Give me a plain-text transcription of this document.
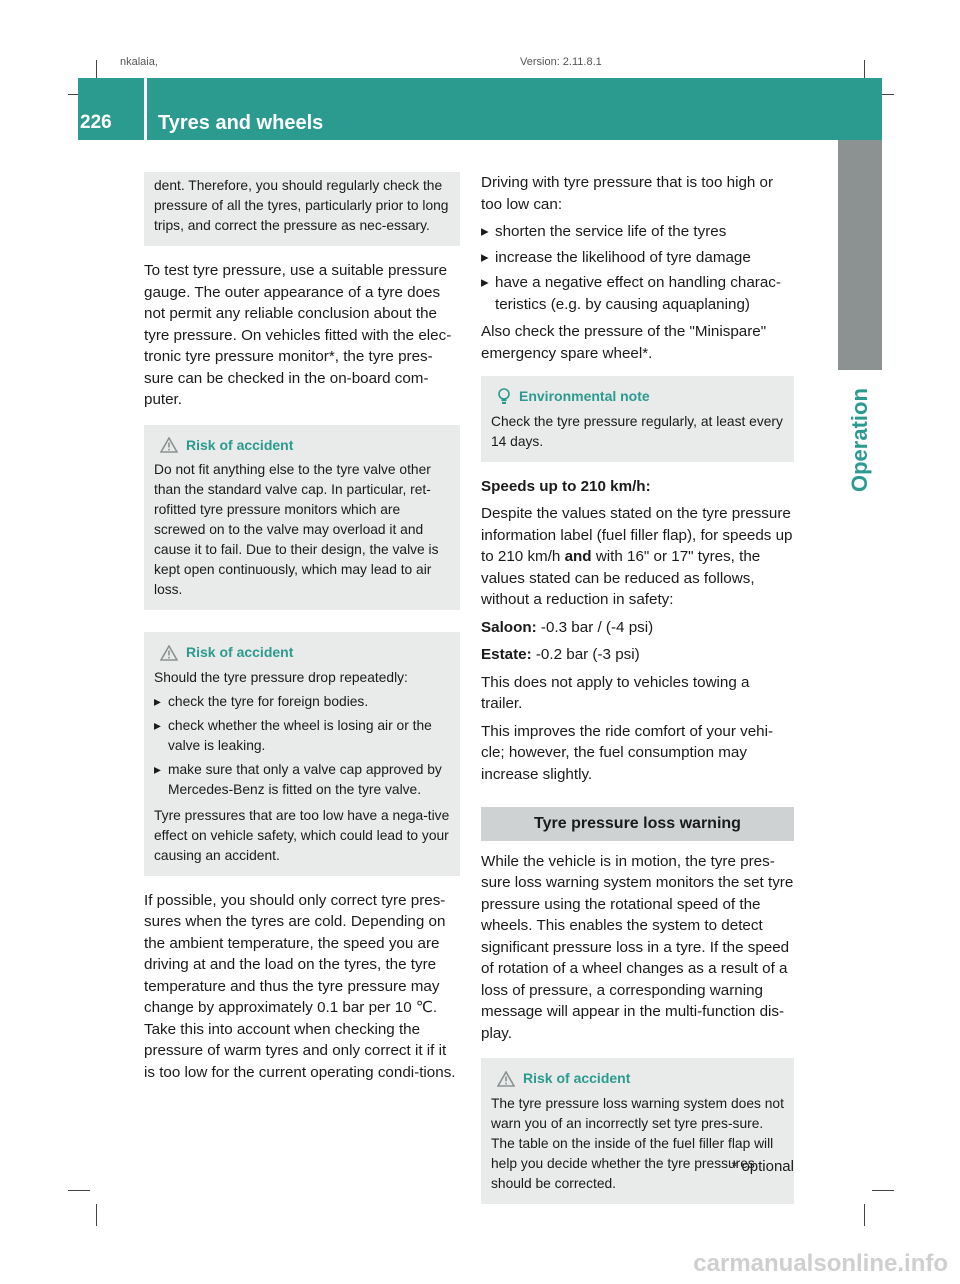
nkalaia,	Version: 2.11.8.1
226	Tyres and wheels
Operation

dent. Therefore, you should regularly check the pressure of all the tyres, particularly prior to long trips, and correct the pressure as nec-essary.

To test tyre pressure, use a suitable pressure gauge. The outer appearance of a tyre does not permit any reliable conclusion about the tyre pressure. On vehicles fitted with the elec-tronic tyre pressure monitor*, the tyre pres-sure can be checked in the on-board com-puter.

Risk of accident

Do not fit anything else to the tyre valve other than the standard valve cap. In particular, ret-rofitted tyre pressure monitors which are screwed on to the valve may overload it and cause it to fail. Due to their design, the valve is kept open continuously, which may lead to air loss.

Risk of accident

Should the tyre pressure drop repeatedly:

▸ check the tyre for foreign bodies.
▸ check whether the wheel is losing air or the valve is leaking.
▸ make sure that only a valve cap approved by Mercedes-Benz is fitted on the tyre valve.

Tyre pressures that are too low have a nega-tive effect on vehicle safety, which could lead to your causing an accident.

If possible, you should only correct tyre pres-sures when the tyres are cold. Depending on the ambient temperature, the speed you are driving at and the load on the tyres, the tyre temperature and thus the tyre pressure may change by approximately 0.1 bar per 10 ℃. Take this into account when checking the pressure of warm tyres and only correct it if it is too low for the current operating condi-tions.

Driving with tyre pressure that is too high or too low can:

▸ shorten the service life of the tyres
▸ increase the likelihood of tyre damage
▸ have a negative effect on handling charac-teristics (e.g. by causing aquaplaning)

Also check the pressure of the "Minispare" emergency spare wheel*.

Environmental note

Check the tyre pressure regularly, at least every 14 days.

Speeds up to 210 km/h:

Despite the values stated on the tyre pressure information label (fuel filler flap), for speeds up to 210 km/h and with 16" or 17" tyres, the values stated can be reduced as follows, without a reduction in safety:

Saloon: -0.3 bar / (-4 psi)

Estate: -0.2 bar (-3 psi)

This does not apply to vehicles towing a trailer.

This improves the ride comfort of your vehi-cle; however, the fuel consumption may increase slightly.

Tyre pressure loss warning

While the vehicle is in motion, the tyre pres-sure loss warning system monitors the set tyre pressure using the rotational speed of the wheels. This enables the system to detect significant pressure loss in a tyre. If the speed of rotation of a wheel changes as a result of a loss of pressure, a corresponding warning message will appear in the multi-function dis-play.

Risk of accident

The tyre pressure loss warning system does not warn you of an incorrectly set tyre pres-sure. The table on the inside of the fuel filler flap will help you decide whether the tyre pressures should be corrected.

* optional
carmanualsonline.info
